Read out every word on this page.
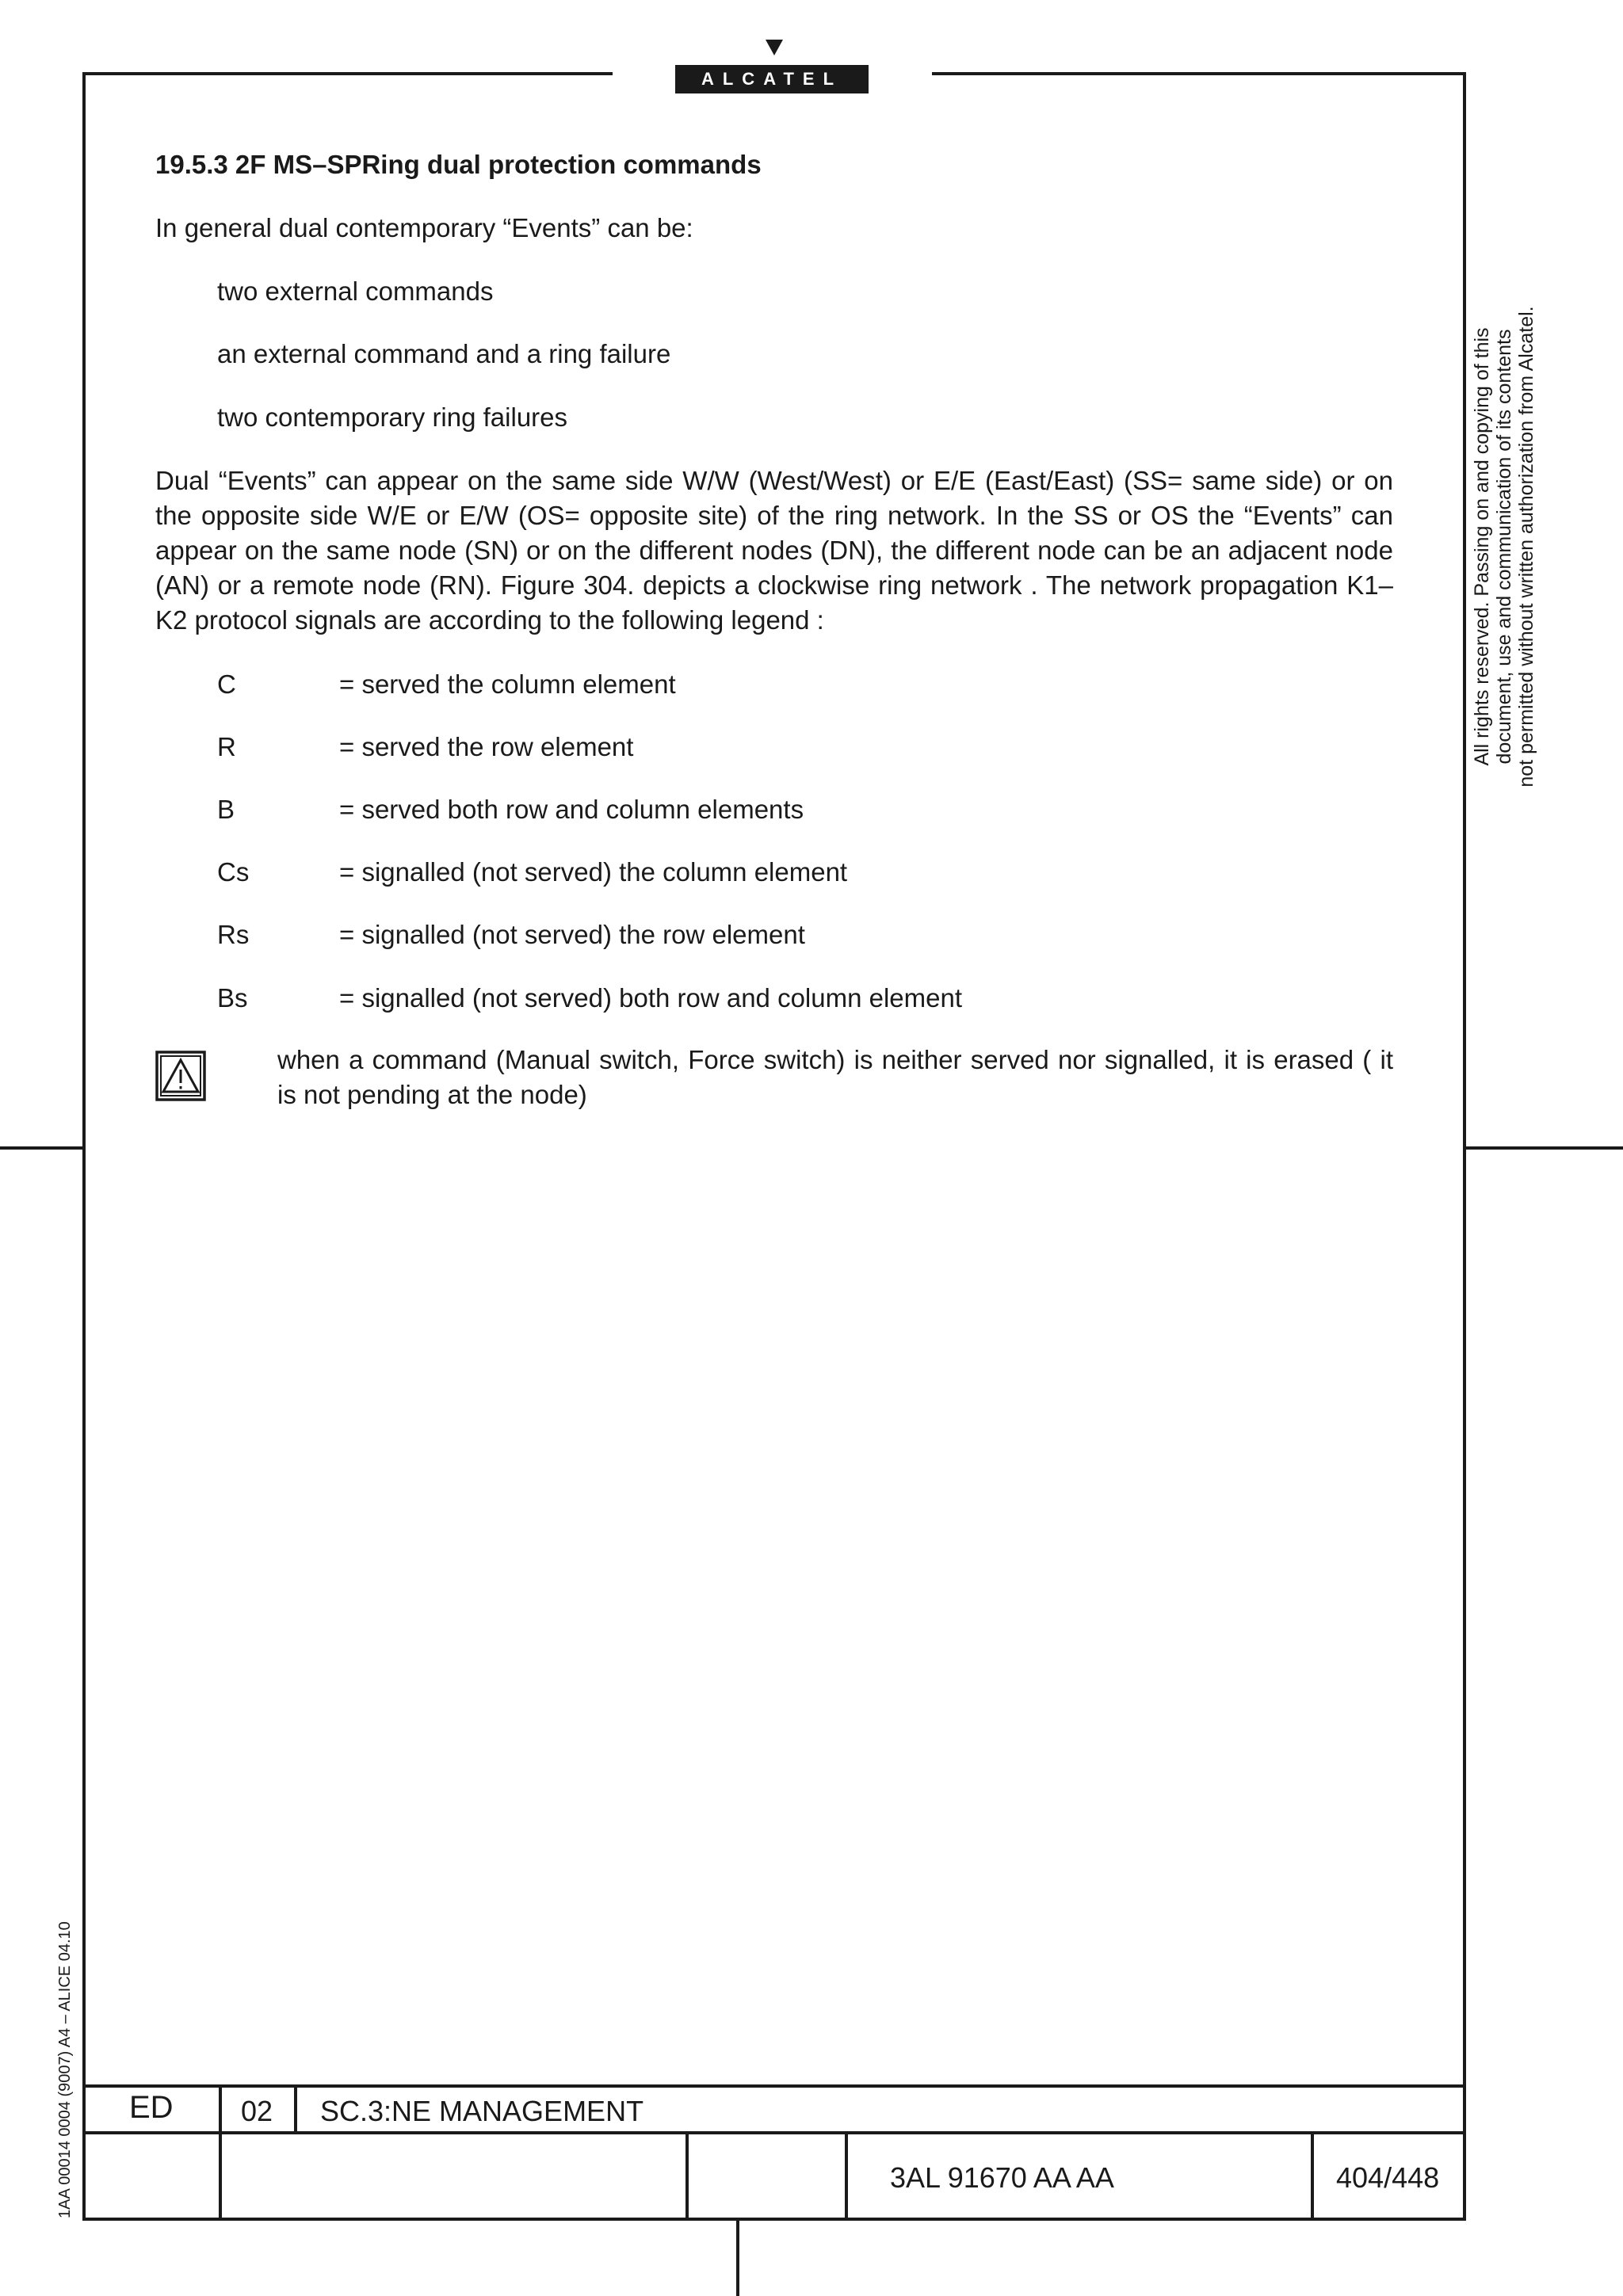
ALCATEL
19.5.3 2F MS–SPRing dual protection commands
In general dual contemporary “Events” can be:
two external commands
an external command and a ring failure
two contemporary ring failures
Dual “Events” can appear on the same side W/W (West/West) or E/E (East/East) (SS= same side) or on the opposite side W/E or E/W (OS= opposite site) of the ring network. In the SS or OS the “Events” can appear on the same node (SN) or on the different nodes (DN), the different node can be an adjacent node (AN) or a remote node (RN). Figure 304. depicts a clockwise ring network . The network propagation K1–K2 protocol signals are according to the following legend :
C	= served the column element
R	= served the row element
B	= served both row and column elements
Cs	= signalled (not served) the column element
Rs	= signalled (not served) the row element
Bs	= signalled (not served) both row and column element
when a command (Manual switch, Force switch) is neither served nor signalled, it is erased ( it is not pending at the node)
All rights reserved. Passing on and copying of this document, use and communication of its contents not permitted without written authorization from Alcatel.
1AA 00014 0004 (9007) A4 – ALICE 04.10 ED 02 SC.3:NE MANAGEMENT
3AL 91670 AA AA	404/448
